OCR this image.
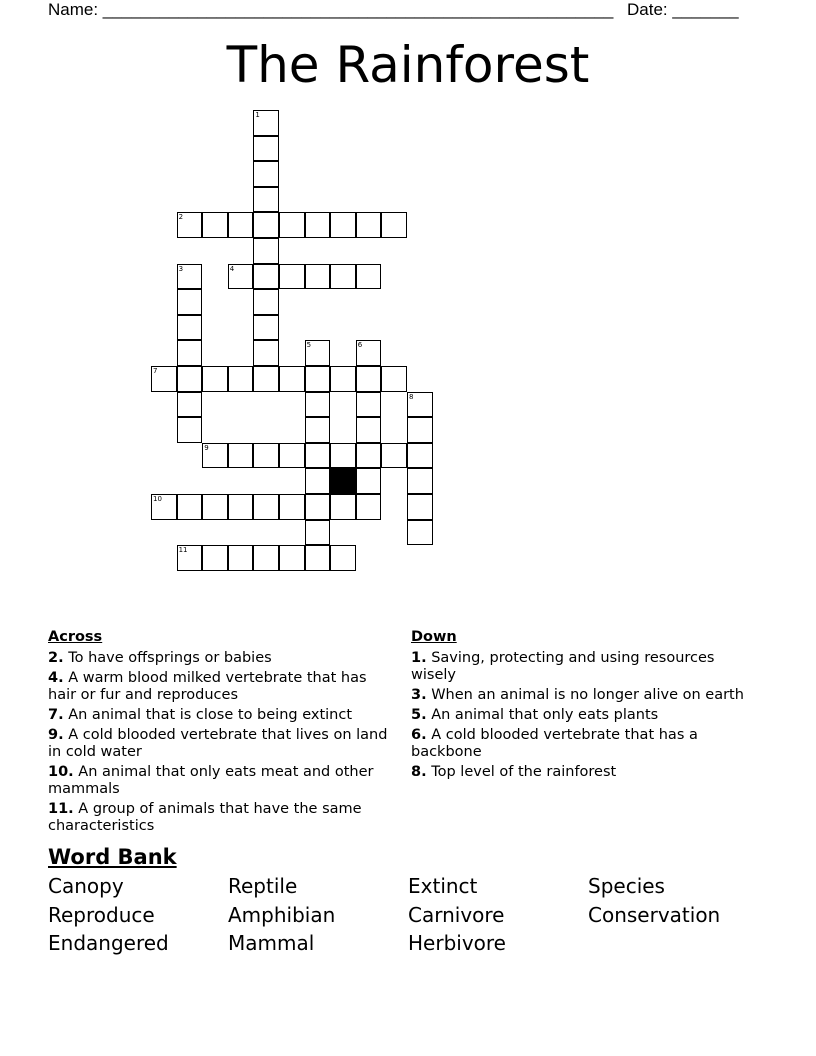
Name: ______________________________________________________ Date: _______
The Rainforest
1
2
3	4
5	6
7
8
9
10
11
Across
2. To have offsprings or babies
4. A warm blood milked vertebrate that has hair or fur and reproduces
7. An animal that is close to being extinct
9. A cold blooded vertebrate that lives on land in cold water
10. An animal that only eats meat and other mammals
11. A group of animals that have the same characteristics
Down
1. Saving, protecting and using resources wisely
3. When an animal is no longer alive on earth
5. An animal that only eats plants
6. A cold blooded vertebrate that has a backbone
8. Top level of the rainforest
Word Bank
Canopy	Reptile	Extinct	Species
Reproduce	Amphibian	Carnivore	Conservation
Endangered	Mammal	Herbivore
